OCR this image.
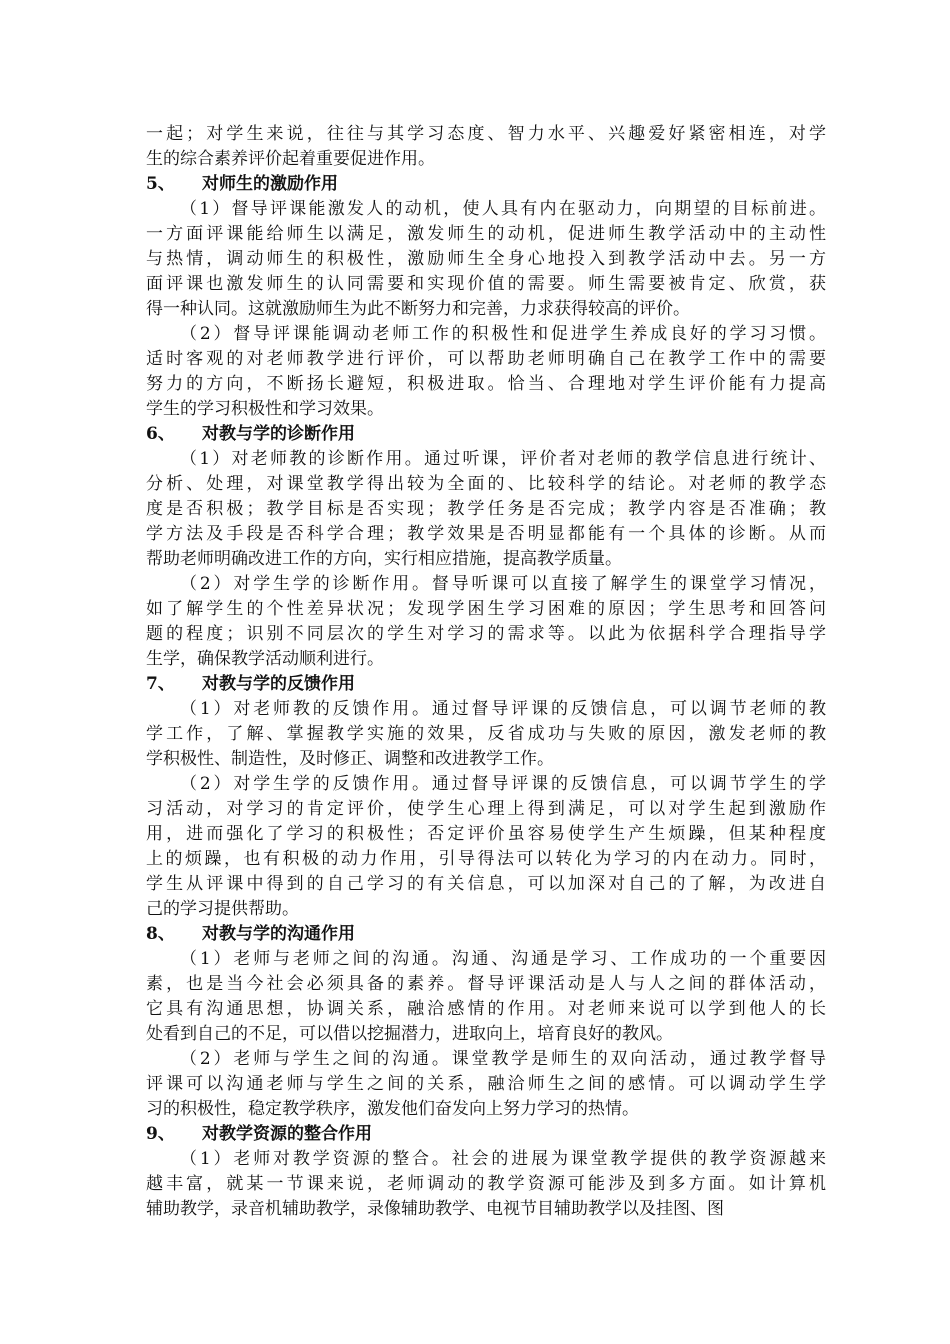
一起；对学生来说，往往与其学习态度、智力水平、兴趣爱好紧密相连，对学
生的综合素养评价起着重要促进作用。
5、 对师生的激励作用
（1）督导评课能激发人的动机，使人具有内在驱动力，向期望的目标前进。
一方面评课能给师生以满足，激发师生的动机，促进师生教学活动中的主动性
与热情，调动师生的积极性，激励师生全身心地投入到教学活动中去。另一方
面评课也激发师生的认同需要和实现价值的需要。师生需要被肯定、欣赏，获
得一种认同。这就激励师生为此不断努力和完善，力求获得较高的评价。
（2）督导评课能调动老师工作的积极性和促进学生养成良好的学习习惯。
适时客观的对老师教学进行评价，可以帮助老师明确自己在教学工作中的需要
努力的方向，不断扬长避短，积极进取。恰当、合理地对学生评价能有力提高
学生的学习积极性和学习效果。
6、 对教与学的诊断作用
（1）对老师教的诊断作用。通过听课，评价者对老师的教学信息进行统计、
分析、处理，对课堂教学得出较为全面的、比较科学的结论。对老师的教学态
度是否积极；教学目标是否实现；教学任务是否完成；教学内容是否准确；教
学方法及手段是否科学合理；教学效果是否明显都能有一个具体的诊断。从而
帮助老师明确改进工作的方向，实行相应措施，提高教学质量。
（2）对学生学的诊断作用。督导听课可以直接了解学生的课堂学习情况，
如了解学生的个性差异状况；发现学困生学习困难的原因；学生思考和回答问
题的程度；识别不同层次的学生对学习的需求等。以此为依据科学合理指导学
生学，确保教学活动顺利进行。
7、 对教与学的反馈作用
（1）对老师教的反馈作用。通过督导评课的反馈信息，可以调节老师的教
学工作，了解、掌握教学实施的效果，反省成功与失败的原因，激发老师的教
学积极性、制造性，及时修正、调整和改进教学工作。
（2）对学生学的反馈作用。通过督导评课的反馈信息，可以调节学生的学
习活动，对学习的肯定评价，使学生心理上得到满足，可以对学生起到激励作
用，进而强化了学习的积极性；否定评价虽容易使学生产生烦躁，但某种程度
上的烦躁，也有积极的动力作用，引导得法可以转化为学习的内在动力。同时，
学生从评课中得到的自己学习的有关信息，可以加深对自己的了解，为改进自
己的学习提供帮助。
8、 对教与学的沟通作用
（1）老师与老师之间的沟通。沟通、沟通是学习、工作成功的一个重要因
素，也是当今社会必须具备的素养。督导评课活动是人与人之间的群体活动，
它具有沟通思想，协调关系，融洽感情的作用。对老师来说可以学到他人的长
处看到自己的不足，可以借以挖掘潜力，进取向上，培育良好的教风。
（2）老师与学生之间的沟通。课堂教学是师生的双向活动，通过教学督导
评课可以沟通老师与学生之间的关系，融洽师生之间的感情。可以调动学生学
习的积极性，稳定教学秩序，激发他们奋发向上努力学习的热情。
9、 对教学资源的整合作用
（1）老师对教学资源的整合。社会的进展为课堂教学提供的教学资源越来
越丰富，就某一节课来说，老师调动的教学资源可能涉及到多方面。如计算机
辅助教学，录音机辅助教学，录像辅助教学、电视节目辅助教学以及挂图、图
